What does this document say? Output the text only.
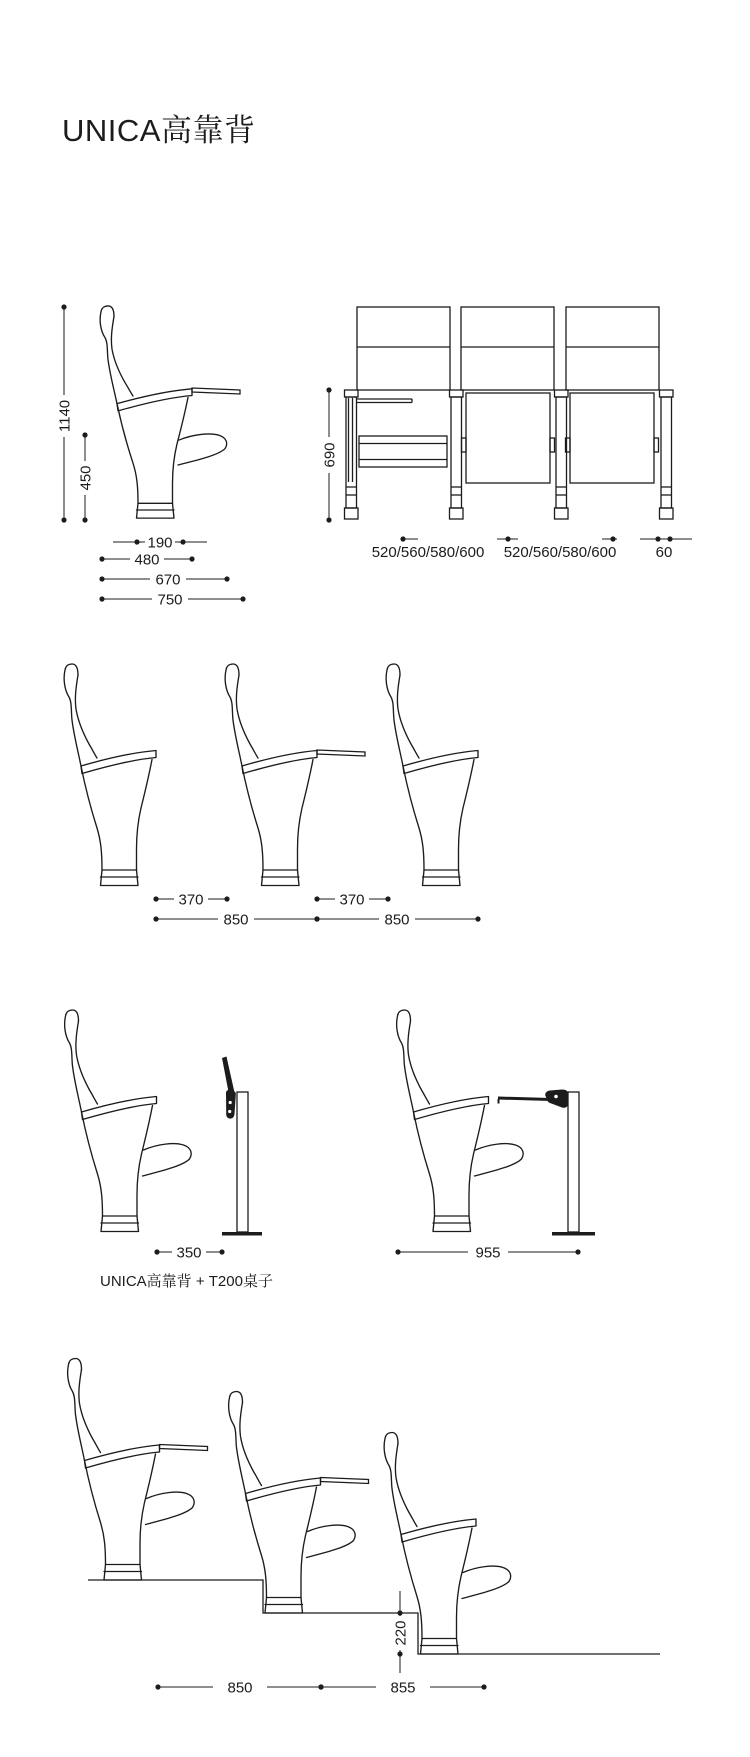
UNICA高靠背
1140
450
190
480
670
750
690
520/560/580/600 520/560/580/600	60
370	370
850	850
350	955
UNICA高靠背 + T200桌子
220
850	855
